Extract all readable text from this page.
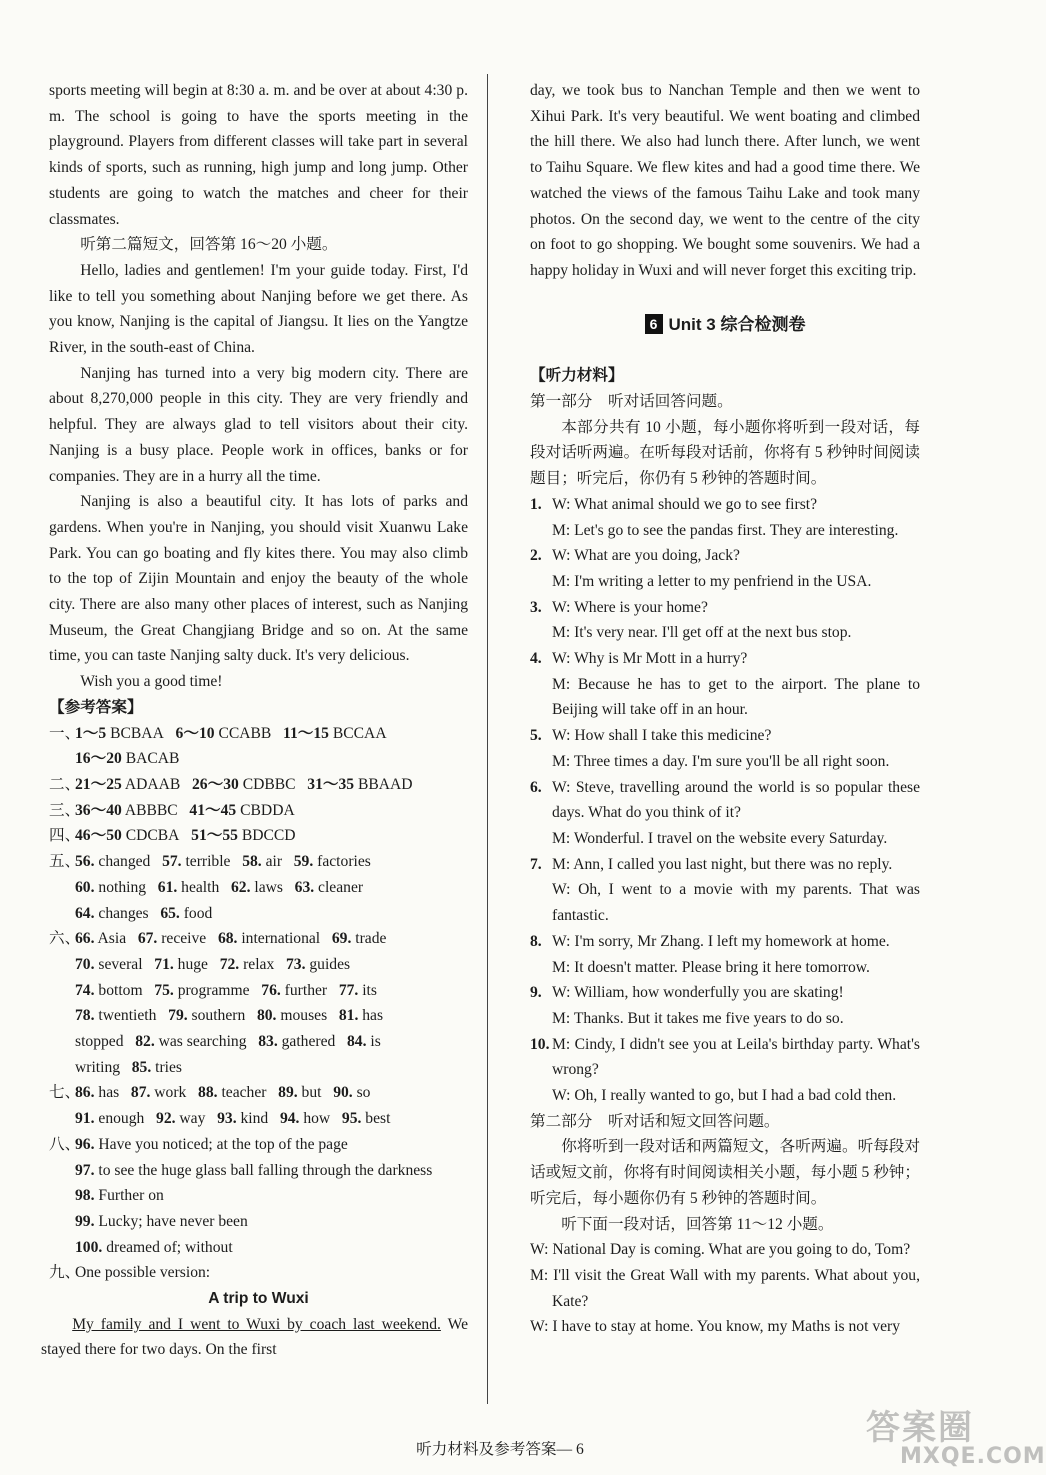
sports meeting will begin at 8:30 a. m. and be over at about 4:30 p. m. The school is going to have the sports meeting in the playground. Players from different classes will take part in several kinds of sports, such as running, high jump and long jump. Other students are going to watch the matches and cheer for their classmates.

听第二篇短文，回答第 16～20 小题。

Hello, ladies and gentlemen! I'm your guide today. First, I'd like to tell you something about Nanjing before we get there. As you know, Nanjing is the capital of Jiangsu. It lies on the Yangtze River, in the south-east of China.

Nanjing has turned into a very big modern city. There are about 8,270,000 people in this city. They are very friendly and helpful. They are always glad to tell visitors about their city. Nanjing is a busy place. People work in offices, banks or for companies. They are in a hurry all the time.

Nanjing is also a beautiful city. It has lots of parks and gardens. When you're in Nanjing, you should visit Xuanwu Lake Park. You can go boating and fly kites there. You may also climb to the top of Zijin Mountain and enjoy the beauty of the whole city. There are also many other places of interest, such as Nanjing Museum, the Great Changjiang Bridge and so on. At the same time, you can taste Nanjing salty duck. It's very delicious.

Wish you a good time!

【参考答案】

一、
1～5 BCBAA 6～10 CCABB 11～15 BCCAA
16～20 BACAB
二、
21～25 ADAAB 26～30 CDBBC 31～35 BBAAD
三、
36～40 ABBBC 41～45 CBDDA
四、
46～50 CDCBA 51～55 BDCCD
五、
56. changed 57. terrible 58. air 59. factories
60. nothing 61. health 62. laws 63. cleaner
64. changes 65. food
六、
66. Asia 67. receive 68. international 69. trade
70. several 71. huge 72. relax 73. guides
74. bottom 75. programme 76. further 77. its
78. twentieth 79. southern 80. mouses 81. has
stopped 82. was searching 83. gathered 84. is
writing 85. tries
七、
86. has 87. work 88. teacher 89. but 90. so
91. enough 92. way 93. kind 94. how 95. best
八、
96. Have you noticed; at the top of the page
97. to see the huge glass ball falling through the darkness
98. Further on
99. Lucky; have never been
100. dreamed of; without
九、
One possible version:

A trip to Wuxi

My family and I went to Wuxi by coach last weekend. We stayed there for two days. On the first

day, we took bus to Nanchan Temple and then we went to Xihui Park. It's very beautiful. We went boating and climbed the hill there. We also had lunch there. After lunch, we went to Taihu Square. We flew kites and had a good time there. We watched the views of the famous Taihu Lake and took many photos. On the second day, we went to the centre of the city on foot to go shopping. We bought some souvenirs. We had a happy holiday in Wuxi and will never forget this exciting trip.

6 Unit 3 综合检测卷

【听力材料】

第一部分　听对话回答问题。

本部分共有 10 小题，每小题你将听到一段对话，每段对话听两遍。在听每段对话前，你将有 5 秒钟时间阅读题目；听完后，你仍有 5 秒钟的答题时间。

1. W: What animal should we go to see first?
M: Let's go to see the pandas first. They are interesting.
2. W: What are you doing, Jack?
M: I'm writing a letter to my penfriend in the USA.
3. W: Where is your home?
M: It's very near. I'll get off at the next bus stop.
4. W: Why is Mr Mott in a hurry?
M: Because he has to get to the airport. The plane to Beijing will take off in an hour.
5. W: How shall I take this medicine?
M: Three times a day. I'm sure you'll be all right soon.
6. W: Steve, travelling around the world is so popular these days. What do you think of it?
M: Wonderful. I travel on the website every Saturday.
7. M: Ann, I called you last night, but there was no reply.
W: Oh, I went to a movie with my parents. That was fantastic.
8. W: I'm sorry, Mr Zhang. I left my homework at home.
M: It doesn't matter. Please bring it here tomorrow.
9. W: William, how wonderfully you are skating!
M: Thanks. But it takes me five years to do so.
10. M: Cindy, I didn't see you at Leila's birthday party. What's wrong?
W: Oh, I really wanted to go, but I had a bad cold then.

第二部分　听对话和短文回答问题。

你将听到一段对话和两篇短文，各听两遍。听每段对话或短文前，你将有时间阅读相关小题，每小题 5 秒钟；听完后，每小题你仍有 5 秒钟的答题时间。

听下面一段对话，回答第 11～12 小题。

W: National Day is coming. What are you going to do, Tom?

M: I'll visit the Great Wall with my parents. What about you, Kate?

W: I have to stay at home. You know, my Maths is not very

听力材料及参考答案— 6
答案圈
MXQE.COM
